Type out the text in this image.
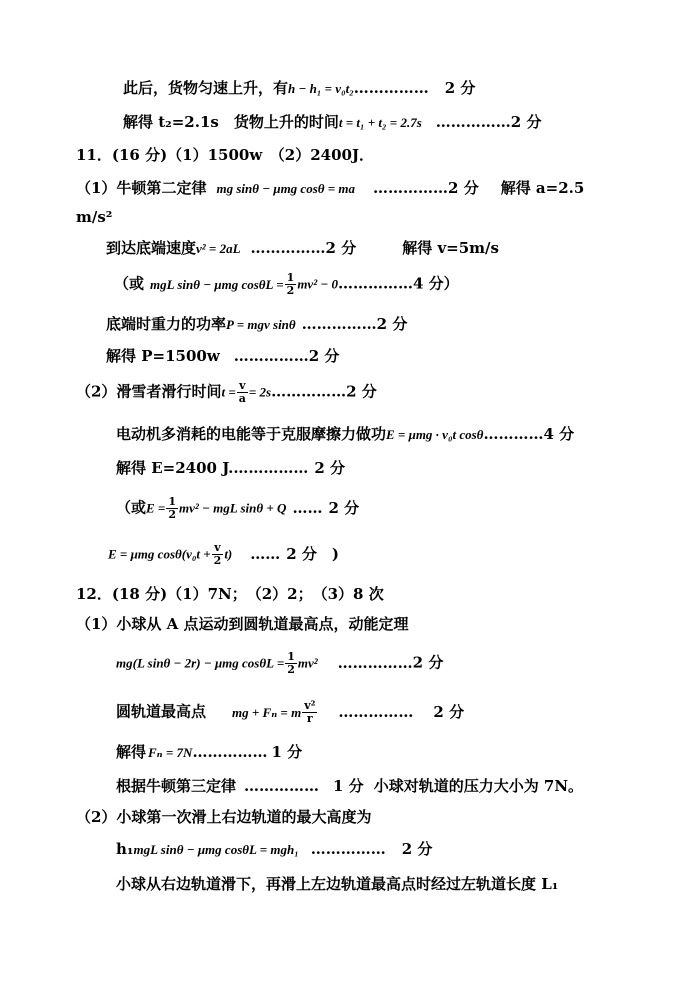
此后，货物匀速上升，有h − h₁ = v₀t₂…………… 2 分
解得 t₂=2.1s　货物上升的时间t = t₁ + t₂ = 2.7s ……………2 分
11．(16 分)（1）1500w　（2）2400J．
（1）牛顿第二定律 mg sinθ − μmg cosθ = ma ……………2 分 解得 a=2.5
m/s²
到达底端速度v² = 2aL ……………2 分	解得 v=5m/s
（或 mgL sinθ − μmg $\cos\theta L = \frac{1}{2} mv^2$ − 0……………4 分）
底端时重力的功率P = mgv sinθ ……………2 分
解得 P=1500w ……………2 分
（2）滑雪者滑行时间$t = \frac{v}{a}$ = 2s……………2 分
电动机多消耗的电能等于克服摩擦力做功E = μmg · v₀t cosθ…………4 分
解得 E=2400 J.…………… 2 分
（或$E = \frac{1}{2} mv^2$ − mgL sinθ + Q …… 2 分
E = μmg $\cos\theta(v_0t + \frac{v}{2} t)$ …… 2 分　)
12．(18 分)（1）7N；　（2）2；　（3）8 次
（1）小球从 A 点运动到圆轨道最高点，动能定理
mg(L sinθ − 2r) − μmg $\cos\theta L = \frac{1}{2} mv^2$ ……………2 分
圆轨道最高点 mg + Fₙ = m $\frac{\text{v²}}{r}$ …………… 2 分
解得 Fₙ = 7N…………… 1 分
根据牛顿第三定律 …………… 1 分 小球对轨道的压力大小为 7N。
（2）小球第一次滑上右边轨道的最大高度为
h₁mgL sinθ − μmg cosθL = mgh₁ …………… 2 分
小球从右边轨道滑下，再滑上左边轨道最高点时经过左轨道长度 L₁
